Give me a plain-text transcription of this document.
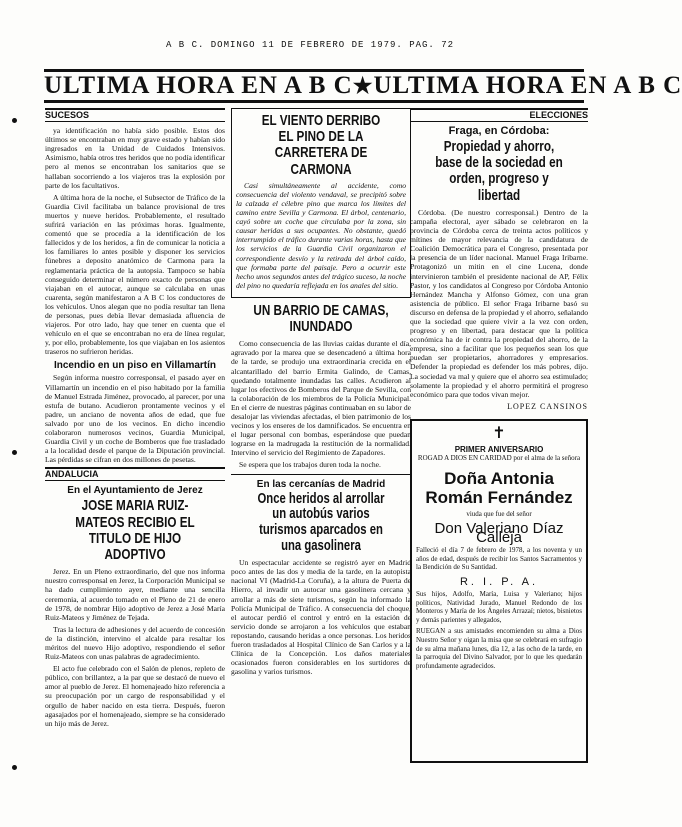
A B C. DOMINGO 11 DE FEBRERO DE 1979. PAG. 72
ULTIMA HORA EN A B C ★ ULTIMA HORA EN A B C
SUCESOS

ya identificación no había sido posible. Estos dos últimos se encontraban en muy grave estado y habían sido ingresados en la Unidad de Cuidados Intensivos. Asimismo, había otros tres heridos que no podía identificar pero al menos se encontraban los sanitarios que se hallaban socorriendo a los viajeros tras la explosión por parte de los facultativos.

A última hora de la noche, el Subsector de Tráfico de la Guardia Civil facilitaba un balance provisional de tres muertos y nueve heridos. Probablemente, el resultado sufrirá variación en las próximas horas. Igualmente, comentó que se procedía a la identificación de los fallecidos y de los heridos, a fin de comunicar la noticia a los familiares lo antes posible y disponer los servicios fúnebres a deposito anatómico de Carmona para la reglamentaria práctica de la autopsia. Tampoco se había conseguido determinar el número exacto de personas que viajaban en el autocar, aunque se calculaba en unas cuarenta, según manifestaron a A B C los conductores de los vehículos. Unos alegan que no podía resultar tan llena de personas, pues debía llevar demasiada afluencia de viajeros. Por otro lado, hay que tener en cuenta que el vehículo en el que se encontraban no era de línea regular, y, por ello, probablemente, los que viajaban en los asientos traseros no sufrieron heridas.

Incendio en un piso en Villamartín

Según informa nuestro corresponsal, el pasado ayer en Villamartín un incendio en el piso habitado por la familia de Manuel Estrada Jiménez, provocado, al parecer, por una estufa de butano. Acudieron prontamente vecinos y el padre, un anciano de noventa años de edad, que fue salvado por uno de los vecinos. En dicho incendio colaboraron numerosos vecinos, Guardia Municipal, Guardia Civil y un coche de Bomberos que fue trasladado a la localidad desde el parque de la Diputación provincial. Las pérdidas se cifran en dos millones de pesetas.

ANDALUCIA
En el Ayuntamiento de Jerez
JOSE MARIA RUIZ-MATEOS RECIBIO EL TITULO DE HIJO ADOPTIVO

Jerez. En un Pleno extraordinario, del que nos informa nuestro corresponsal en Jerez, la Corporación Municipal se ha dado cumplimiento ayer, mediante una sencilla ceremonia, al acuerdo tomado en el Pleno de 21 de enero de 1978, de nombrar Hijo adoptivo de Jerez a José María Ruiz-Mateos y Jiménez de Tejada.

Tras la lectura de adhesiones y del acuerdo de concesión de la distinción, intervino el alcalde para resaltar los méritos del nuevo Hijo adoptivo, respondiendo el señor Ruiz-Mateos con unas palabras de agradecimiento.

El acto fue celebrado con el Salón de plenos, repleto de público, con brillantez, a la par que se destacó de nuevo el amor al pueblo de Jerez. El homenajeado hizo referencia a su preocupación por un cargo de responsabilidad y el orgullo de haber nacido en esta tierra. Después, fueron agasajados por el homenajeado, siempre se ha considerado un hijo más de Jerez.

EL VIENTO DERRIBO EL PINO DE LA CARRETERA DE CARMONA

Casi simultáneamente al accidente, como consecuencia del violento vendaval, se precipitó sobre la calzada el célebre pino que marca los límites del camino entre Sevilla y Carmona. El árbol, centenario, cayó sobre un coche que circulaba por la zona, sin causar heridas a sus ocupantes. No obstante, quedó interrumpido el tráfico durante varias horas, hasta que los servicios de la Guardia Civil organizaron el correspondiente desvío y la retirada del árbol caído, que formaba parte del paisaje. Pero a ocurrir este hecho unos segundos antes del trágico suceso, la noche del pino no quedaría reflejada en los anales del sitio.

UN BARRIO DE CAMAS, INUNDADO

Como consecuencia de las lluvias caídas durante el día, agravado por la marea que se desencadenó a última hora de la tarde, se produjo una extraordinaria crecida en el alcantarillado del barrio Ermita Galindo, de Camas, quedando totalmente inundadas las calles. Acudieron al lugar los efectivos de Bomberos del Parque de Sevilla, con la colaboración de los miembros de la Policía Municipal. En el cierre de nuestras páginas continuaban en su labor de desalojar las viviendas afectadas, el bien patrimonio de los vecinos y los enseres de los damnificados. Se encuentra en el lugar personal con bombas, esperándose que puedan lograrse en la madrugada la restitución de la normalidad. Intervino el servicio del Regimiento de Zapadores.

Se espera que los trabajos duren toda la noche.

En las cercanías de Madrid
Once heridos al arrollar un autobús varios turismos aparcados en una gasolinera

Un espectacular accidente se registró ayer en Madrid poco antes de las dos y media de la tarde, en la autopista nacional VI (Madrid-La Coruña), a la altura de Puerta de Hierro, al invadir un autocar una gasolinera cercana y arrollar a más de siete turismos, según ha informado la Policía Municipal de Tráfico. A consecuencia del choque, el autocar perdió el control y entró en la estación de servicio donde se arrojaron a los vehículos que estaban repostando, causando heridas a once personas. Los heridos fueron trasladados al Hospital Clínico de San Carlos y a la Clínica de la Concepción. Los daños materiales ocasionados fueron considerables en los surtidores de gasolina y varios turismos.

ELECCIONES
Fraga, en Córdoba:
Propiedad y ahorro, base de la sociedad en orden, progreso y libertad

Córdoba. (De nuestro corresponsal.) Dentro de la campaña electoral, ayer sábado se celebraron en la provincia de Córdoba cerca de treinta actos políticos y mítines de mayor relevancia de la candidatura de Coalición Democrática para el Congreso, presentada por la presencia de un líder nacional. Manuel Fraga Iribarne. Protagonizó un mitin en el cine Lucena, donde intervinieron también el presidente nacional de AP, Félix Pastor, y los candidatos al Congreso por Córdoba Antonio Hernández Mancha y Alfonso Gómez, con una gran asistencia de público. El señor Fraga Iribarne basó su discurso en defensa de la propiedad y el ahorro, señalando que la sociedad que quiere vivir a la vez con orden, progreso y en libertad, para destacar que la política económica ha de ir contra la propiedad del ahorro, de la empresa, sino a facilitar que los pequeños sean los que puedan ser propietarios, ahorradores y empresarios. Defender la propiedad es defender los más pobres, dijo. La sociedad va mal y quiere que el ahorro sea estimulado; solamente la propiedad y el ahorro permitirá el progreso económico para que todos vivan mejor.

LOPEZ CANSINOS
✝
PRIMER ANIVERSARIO
ROGAD A DIOS EN CARIDAD por el alma de la señora
Doña Antonia Román Fernández
viuda que fue del señor
Don Valeriano Díaz Calleja
Falleció el día 7 de febrero de 1978, a los noventa y un años de edad, después de recibir los Santos Sacramentos y la Bendición de Su Santidad.
R. I. P. A.
Sus hijos, Adolfo, María, Luisa y Valeriano; hijos políticos, Natividad Jurado, Manuel Redondo de los Monteros y María de los Ángeles Arrazaí; nietos, bisnietos y demás parientes y allegados,
RUEGAN a sus amistades encomienden su alma a Dios Nuestro Señor y oigan la misa que se celebrará en sufragio de su alma mañana lunes, día 12, a las ocho de la tarde, en la parroquia del Divino Salvador, por lo que les quedarán profundamente agradecidos.
